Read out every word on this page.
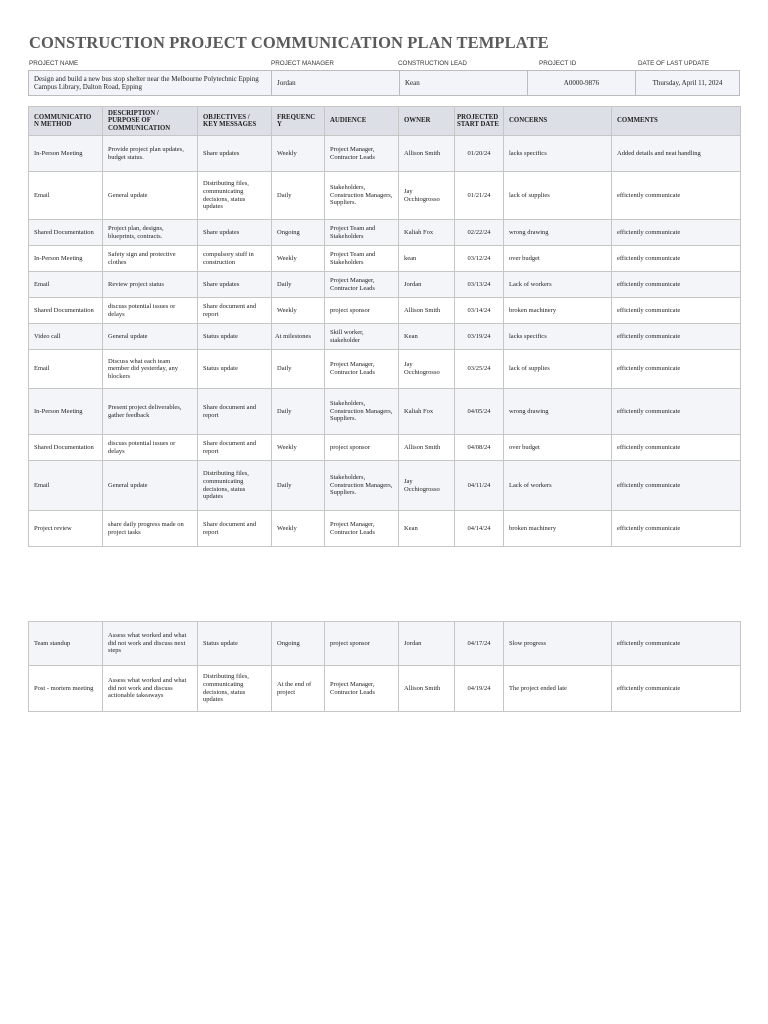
CONSTRUCTION PROJECT COMMUNICATION PLAN TEMPLATE
PROJECT NAME	PROJECT MANAGER	CONSTRUCTION LEAD	PROJECT ID	DATE OF LAST UPDATE
Design and build a new bus stop shelter near the Melbourne Polytechnic Epping Campus Library, Dalton Road, Epping	Jordan	Kean	A0000-9876	Thursday, April 11, 2024
COMMUNICATIO N METHOD	DESCRIPTION / PURPOSE OF COMMUNICATION	OBJECTIVES / KEY MESSAGES	FREQUENC Y	AUDIENCE	OWNER	PROJECTED START DATE	CONCERNS	COMMENTS
In-Person Meeting	Provide project plan updates, budget status.	Share updates	Weekly	Project Manager, Contractor Leads	Allison Smith	01/20/24	lacks specifics	Added details and neat handling
Email	General update	Distributing files, communicating decisions, status updates	Daily	Stakeholders, Construction Managers, Suppliers.	Jay Occhiogrosso	01/21/24	lack of supplies	efficiently communicate
Shared Documentation	Project plan, designs, blueprints, contracts.	Share updates	Ongoing	Project Team and Stakeholders	Kaliah Fox	02/22/24	wrong drawing	efficiently communicate
In-Person Meeting	Safety sign and protective clothes	compulsory stuff in construction	Weekly	Project Team and Stakeholders	kean	03/12/24	over budget	efficiently communicate
Email	Review project status	Share updates	Daily	Project Manager, Contractor Leads	Jordan	03/13/24	Lack of workers	efficiently communicate
Shared Documentation	discuss potential issues or delays	Share document and report	Weekly	project sponsor	Allison Smith	03/14/24	broken machinery	efficiently communicate
Video call	General update	Status update	At milestones	Skill worker, stakeholder	Kean	03/19/24	lacks specifics	efficiently communicate
Email	Discuss what each team member did yesterday, any blockers	Status update	Daily	Project Manager, Contractor Leads	Jay Occhiogrosso	03/25/24	lack of supplies	efficiently communicate
In-Person Meeting	Present project deliverables, gather feedback	Share document and report	Daily	Stakeholders, Construction Managers, Suppliers.	Kaliah Fox	04/05/24	wrong drawing	efficiently communicate
Shared Documentation	discuss potential issues or delays	Share document and report	Weekly	project sponsor	Allison Smith	04/08/24	over budget	efficiently communicate
Email	General update	Distributing files, communicating decisions, status updates	Daily	Stakeholders, Construction Managers, Suppliers.	Jay Occhiogrosso	04/11/24	Lack of workers	efficiently communicate
Project review	share daily progress made on project tasks	Share document and report	Weekly	Project Manager, Contractor Leads	Kean	04/14/24	broken machinery	efficiently communicate
Team standup	Assess what worked and what did not work and discuss next steps	Status update	Ongoing	project sponsor	Jordan	04/17/24	Slow progress	efficiently communicate
Post - mortem meeting	Assess what worked and what did not work and discuss actionable takeaways	Distributing files, communicating decisions, status updates	At the end of project	Project Manager, Contractor Leads	Allison Smith	04/19/24	The project ended late	efficiently communicate
